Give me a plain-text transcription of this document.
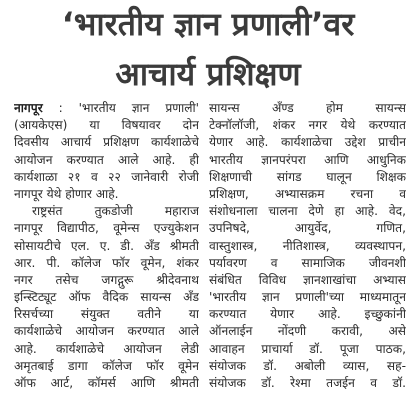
‘भारतीय ज्ञान प्रणाली’वर
आचार्य प्रशिक्षण
नागपूर : 'भारतीय ज्ञान प्रणाली'
(आयकेएस) या विषयावर दोन
दिवसीय आचार्य प्रशिक्षण कार्यशाळेचे
आयोजन करण्यात आले आहे. ही
कार्यशाळा २१ व २२ जानेवारी रोजी
नागपूर येथे होणार आहे.
राष्ट्रसंत तुकडोजी महाराज
नागपूर विद्यापीठ, वूमेन्स एज्युकेशन
सोसायटीचे एल. ए. डी. अँड श्रीमती
आर. पी. कॉलेज फॉर वूमेन, शंकर
नगर तसेच जगद्गुरू श्रीदेवनाथ
इन्स्टिट्यूट ऑफ वैदिक सायन्स अँड
रिसर्चच्या संयुक्त वतीने या
कार्यशाळेचे आयोजन करण्यात आले
आहे. कार्यशाळेचे आयोजन लेडी
अमृतबाई डागा कॉलेज फॉर वूमेन
ऑफ आर्ट, कॉमर्स आणि श्रीमती
सायन्स अँण्ड होम सायन्स
टेक्नॉलॉजी, शंकर नगर येथे करण्यात
येणार आहे. कार्यशाळेचा उद्देश प्राचीन
भारतीय ज्ञानपरंपरा आणि आधुनिक
शिक्षणाची सांगड घालून शिक्षक
प्रशिक्षण, अभ्यासक्रम रचना व
संशोधनाला चालना देणे हा आहे. वेद,
उपनिषदे, आयुर्वेद, गणित,
वास्तुशास्त्र, नीतिशास्त्र, व्यवस्थापन,
पर्यावरण व सामाजिक जीवनशी
संबंधित विविध ज्ञानशाखांचा अभ्यास
'भारतीय ज्ञान प्रणाली'च्या माध्यमातून
करण्यात येणार आहे. इच्छुकांनी
ऑनलाईन नोंदणी करावी, असे
आवाहन प्राचार्या डॉ. पूजा पाठक,
संयोजक डॉ. अबोली व्यास, सह-
संयोजक डॉ. रेश्मा तजईन व डॉ.
